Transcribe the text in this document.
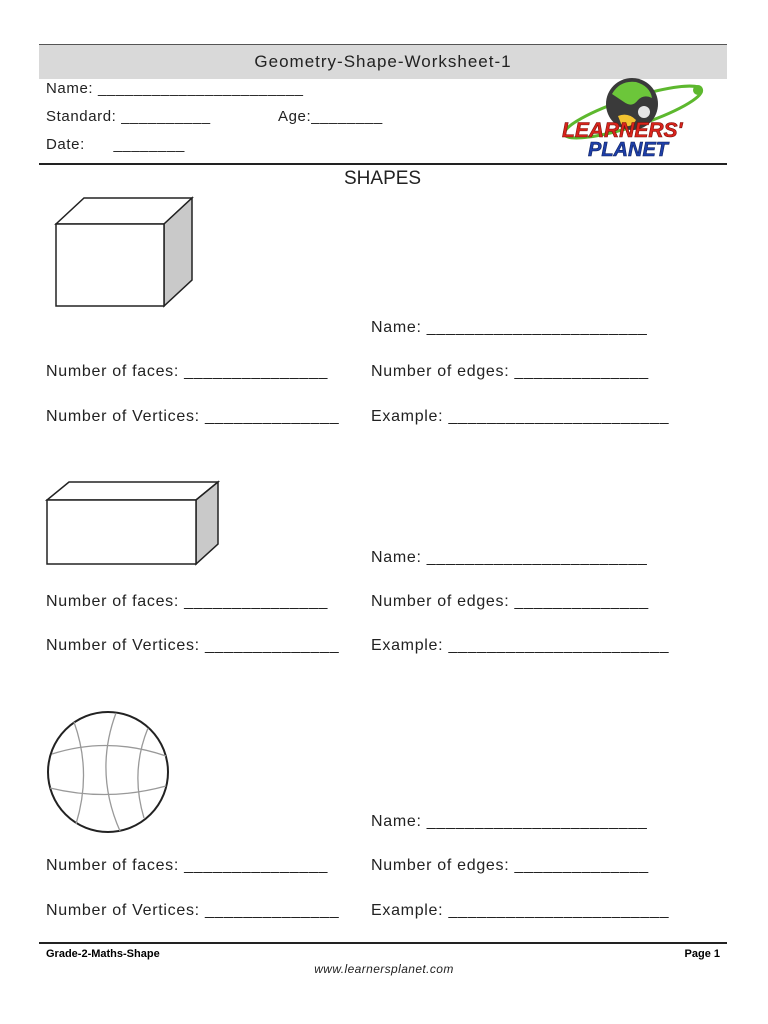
Geometry-Shape-Worksheet-1
Name: _______________________
Standard: __________	Age:________
Date:      ________
LEARNERS'
PLANET
SHAPES
Name: _______________________
Number of faces: _______________	Number of edges: ______________
Number of Vertices: ______________ Example: _______________________
Name: _______________________
Number of faces: _______________	Number of edges: ______________
Number of Vertices: ______________ Example: _______________________
Name: _______________________
Number of faces: _______________	Number of edges: ______________
Number of Vertices: ______________ Example: _______________________
Grade-2-Maths-Shape	Page 1
www.learnersplanet.com
